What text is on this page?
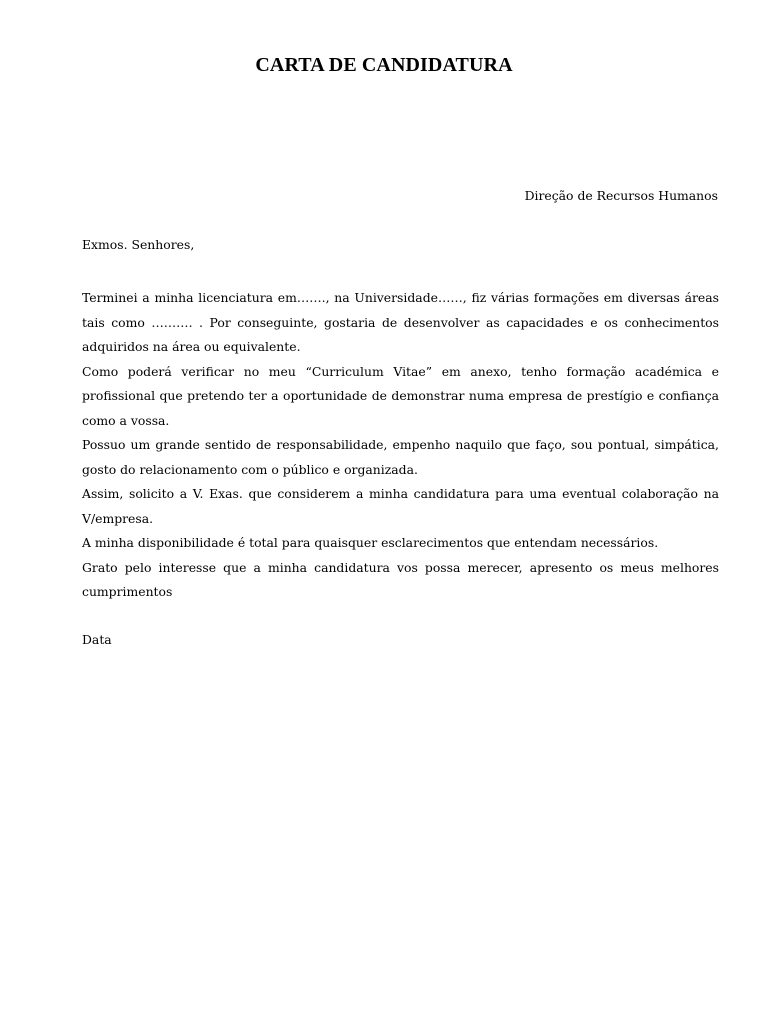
CARTA DE CANDIDATURA
Direção de Recursos Humanos
Exmos. Senhores,

Terminei a minha licenciatura em……., na Universidade……, fiz várias formações em diversas áreas tais como ………. . Por conseguinte, gostaria de desenvolver as capacidades e os conhecimentos adquiridos na área ou equivalente.

Como poderá verificar no meu “Curriculum Vitae” em anexo, tenho formação académica e profissional que pretendo ter a oportunidade de demonstrar numa empresa de prestígio e confiança como a vossa.

Possuo um grande sentido de responsabilidade, empenho naquilo que faço, sou pontual, simpática, gosto do relacionamento com o público e organizada.

Assim, solicito a V. Exas. que considerem a minha candidatura para uma eventual colaboração na V/empresa.

A minha disponibilidade é total para quaisquer esclarecimentos que entendam necessários.

Grato pelo interesse que a minha candidatura vos possa merecer, apresento os meus melhores cumprimentos

Data
